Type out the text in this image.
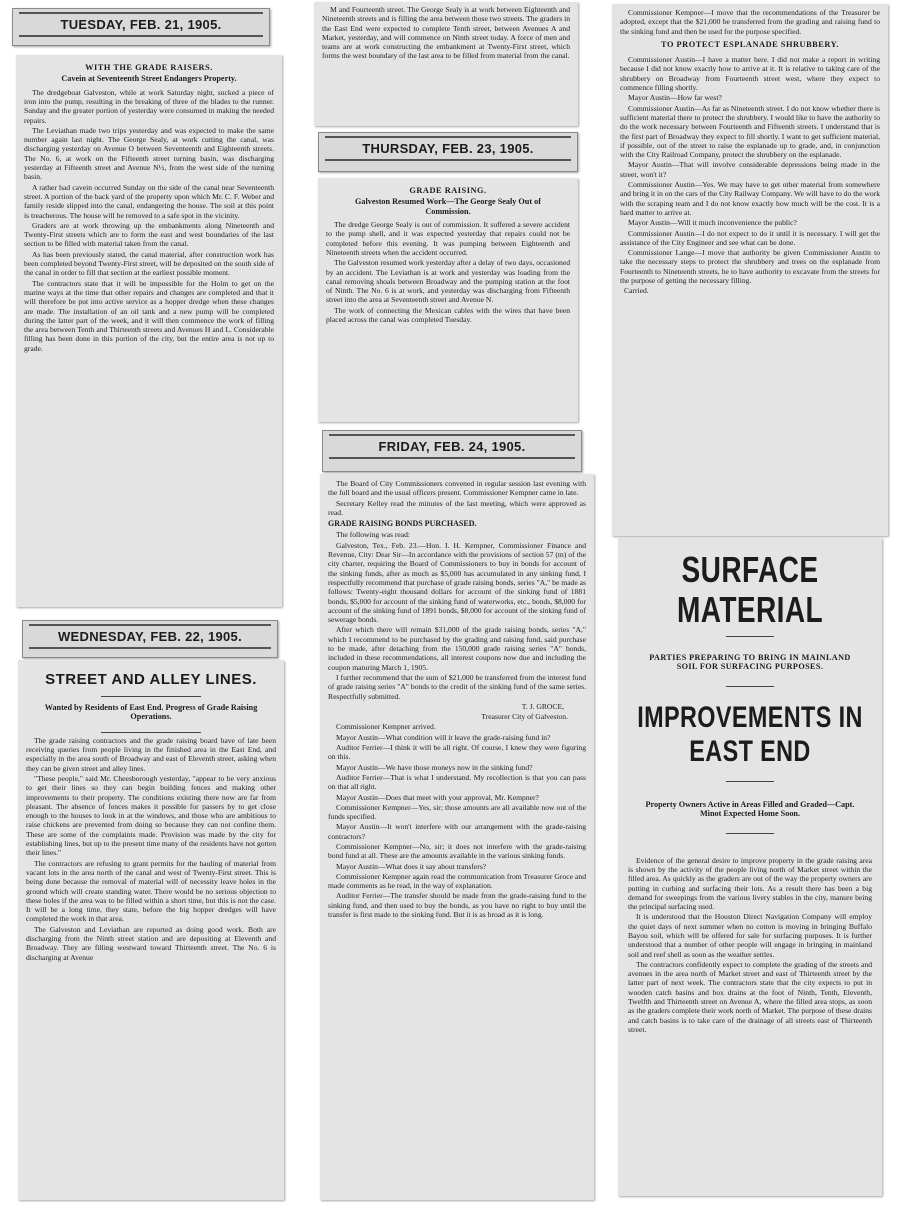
TUESDAY, FEB. 21, 1905.
WITH THE GRADE RAISERS.
Cavein at Seventeenth Street Endangers Property.

The dredgeboat Galveston, while at work Saturday night, sucked a piece of iron into the pump, resulting in the breaking of three of the blades to the runner. Sunday and the greater portion of yesterday were consumed in making the needed repairs.

The Leviathan made two trips yesterday and was expected to make the same number again last night. The George Sealy, at work cutting the canal, was discharging yesterday on Avenue O between Seventeenth and Eighteenth streets. The No. 6, at work on the Fifteenth street turning basin, was discharging yesterday at Fifteenth street and Avenue N½, from the west side of the turning basin.

A rather bad cavein occurred Sunday on the side of the canal near Seventeenth street. A portion of the back yard of the property upon which Mr. C. F. Weber and family reside slipped into the canal, endangering the house. The soil at this point is treacherous. The house will be removed to a safe spot in the vicinity.

Graders are at work throwing up the embankments along Nineteenth and Twenty-First streets which are to form the east and west boundaries of the last section to be filled with material taken from the canal.

As has been previously stated, the canal material, after construction work has been completed beyond Twenty-First street, will be deposited on the south side of the canal in order to fill that section at the earliest possible moment.

The contractors state that it will be impossible for the Holm to get on the marine ways at the time that other repairs and changes are completed and that it will therefore be put into active service as a hopper dredge when these changes are made. The installation of an oil tank and a new pump will be completed during the latter part of the week, and it will then commence the work of filling the area between Tenth and Thirteenth streets and Avenues H and L. Considerable filling has been done in this portion of the city, but the entire area is not up to grade.

WEDNESDAY, FEB. 22, 1905.
STREET AND ALLEY LINES.
Wanted by Residents of East End. Progress of Grade Raising Operations.

The grade raising contractors and the grade raising board have of late been receiving queries from people living in the finished area in the East End, and especially in the area south of Broadway and east of Eleventh street, asking when they can be given street and alley lines.

"These people," said Mr. Cheesborough yesterday, "appear to be very anxious to get their lines so they can begin building fences and making other improvements to their property. The conditions existing there now are far from pleasant. The absence of fences makes it possible for passers by to get close enough to the houses to look in at the windows, and those who are ambitious to raise chickens are prevented from doing so because they can not confine them. These are some of the complaints made. Provision was made by the city for establishing lines, but up to the present time many of the residents have not gotten their lines."

The contractors are refusing to grant permits for the hauling of material from vacant lots in the area north of the canal and west of Twenty-First street. This is being done because the removal of material will of necessity leave holes in the ground which will create standing water. There would be no serious objection to these holes if the area was to be filled within a short time, but this is not the case. It will be a long time, they state, before the big hopper dredges will have completed the work in that area.

The Galveston and Leviathan are reported as doing good work. Both are discharging from the Ninth street station and are depositing at Eleventh and Broadway. They are filling westward toward Thirteenth street. The No. 6 is discharging at Avenue

M and Fourteenth street. The George Sealy is at work between Eighteenth and Nineteenth streets and is filling the area between those two streets. The graders in the East End were expected to complete Tenth street, between Avenues A and Market, yesterday, and will commence on Ninth street today. A force of men and teams are at work constructing the embankment at Twenty-First street, which forms the west boundary of the last area to be filled from material from the canal.

THURSDAY, FEB. 23, 1905.
GRADE RAISING.
Galveston Resumed Work—The George Sealy Out of Commission.

The dredge George Sealy is out of commission. It suffered a severe accident to the pump shell, and it was expected yesterday that repairs could not be completed before this evening. It was pumping between Eighteenth and Nineteenth streets when the accident occurred.

The Galveston resumed work yesterday after a delay of two days, occasioned by an accident. The Leviathan is at work and yesterday was loading from the canal removing shoals between Broadway and the pumping station at the foot of Ninth. The No. 6 is at work, and yesterday was discharging from Fifteenth street into the area at Seventeenth street and Avenue N.

The work of connecting the Mexican cables with the wires that have been placed across the canal was completed Tuesday.

FRIDAY, FEB. 24, 1905.

The Board of City Commissioners convened in regular session last evening with the full board and the usual officers present. Commissioner Kempner came in late.

Secretary Kelley read the minutes of the last meeting, which were approved as read.

GRADE RAISING BONDS PURCHASED.

The following was read:

Galveston, Tex., Feb. 23.—Hon. I. H. Kempner, Commissioner Finance and Revenue, City: Dear Sir—In accordance with the provisions of section 57 (m) of the city charter, requiring the Board of Commissioners to buy in bonds for account of the sinking funds, after as much as $5,000 has accumulated in any sinking fund, I respectfully recommend that purchase of grade raising bonds, series "A," be made as follows: Twenty-eight thousand dollars for account of the sinking fund of 1881 bonds, $5,000 for account of the sinking fund of waterworks, etc., bonds, $8,000 for account of the sinking fund of 1891 bonds, $8,000 for account of the sinking fund of sewerage bonds.

After which there will remain $31,000 of the grade raising bonds, series "A," which I recommend to be purchased by the grading and raising fund, said purchase to be made, after detaching from the 150,000 grade raising series "A" bonds, included in these recommendations, all interest coupons now due and including the coupon maturing March 1, 1905.

I further recommend that the sum of $21,000 be transferred from the interest fund of grade raising series "A" bonds to the credit of the sinking fund of the same series. Respectfully submitted.

T. J. GROCE,

Treasurer City of Galveston.

Commissioner Kempner arrived.

Mayor Austin—What condition will it leave the grade-raising fund in?

Auditor Ferrier—I think it will be all right. Of course, I knew they were figuring on this.

Mayor Austin—We have those moneys now in the sinking fund?

Auditor Ferrier—That is what I understand. My recollection is that you can pass on that all right.

Mayor Austin—Does that meet with your approval, Mr. Kempner?

Commissioner Kempner—Yes, sir; those amounts are all available now out of the funds specified.

Mayor Austin—It won't interfere with our arrangement with the grade-raising contractors?

Commissioner Kempner—No, sir; it does not interfere with the grade-raising bond fund at all. These are the amounts available in the various sinking funds.

Mayor Austin—What does it say about transfers?

Commissioner Kempner again read the communication from Treasurer Groce and made comments as he read, in the way of explanation.

Auditor Ferrier—The transfer should be made from the grade-raising fund to the sinking fund, and then used to buy the bonds, as you have no right to buy until the transfer is first made to the sinking fund. But it is as broad as it is long.

Commissioner Kempner—I move that the recommendations of the Treasurer be adopted, except that the $21,000 be transferred from the grading and raising fund to the sinking fund and then be used for the purpose specified.

TO PROTECT ESPLANADE SHRUBBERY.

Commissioner Austin—I have a matter here. I did not make a report in writing because I did not know exactly how to arrive at it. It is relative to taking care of the shrubbery on Broadway from Fourteenth street west, where they expect to commence filling shortly.

Mayor Austin—How far west?

Commissioner Austin—As far as Nineteenth street. I do not know whether there is sufficient material there to protect the shrubbery. I would like to have the authority to do the work necessary between Fourteenth and Fifteenth streets. I understand that is the first part of Broadway they expect to fill shortly. I want to get sufficient material, if possible, out of the street to raise the esplanade up to grade, and, in conjunction with the City Railroad Company, protect the shrubbery on the esplanade.

Mayor Austin—That will involve considerable depressions being made in the street, won't it?

Commissioner Austin—Yes. We may have to get other material from somewhere and bring it in on the cars of the City Railway Company. We will have to do the work with the scraping team and I do not know exactly how much will be the cost. It is a hard matter to arrive at.

Mayor Austin—Will it much inconvenience the public?

Commissioner Austin—I do not expect to do it until it is necessary. I will get the assistance of the City Engineer and see what can be done.

Commissioner Lange—I move that authority be given Commissioner Austin to take the necessary steps to protect the shrubbery and trees on the esplanade from Fourteenth to Nineteenth streets, he to have authority to excavate from the streets for the purpose of getting the necessary filling.

Carried.

SURFACE MATERIAL
PARTIES PREPARING TO BRING IN MAINLAND SOIL FOR SURFACING PURPOSES.
IMPROVEMENTS IN EAST END
Property Owners Active in Areas Filled and Graded—Capt. Minot Expected Home Soon.

Evidence of the general desire to improve property in the grade raising area is shown by the activity of the people living north of Market street within the filled area. As quickly as the graders are out of the way the property owners are putting in curbing and surfacing their lots. As a result there has been a big demand for sweepings from the various livery stables in the city, manure being the principal surfacing used.

It is understood that the Houston Direct Navigation Company will employ the quiet days of next summer when no cotton is moving in bringing Buffalo Bayou soil, which will be offered for sale for surfacing purposes. It is further understood that a number of other people will engage in bringing in mainland soil and reef shell as soon as the weather settles.

The contractors confidently expect to complete the grading of the streets and avenues in the area north of Market street and east of Thirteenth street by the latter part of next week. The contractors state that the city expects to put in wooden catch basins and box drains at the foot of Ninth, Tenth, Eleventh, Twelfth and Thirteenth street on Avenue A, where the filled area stops, as soon as the graders complete their work north of Market. The purpose of these drains and catch basins is to take care of the drainage of all streets east of Thirteenth street.
